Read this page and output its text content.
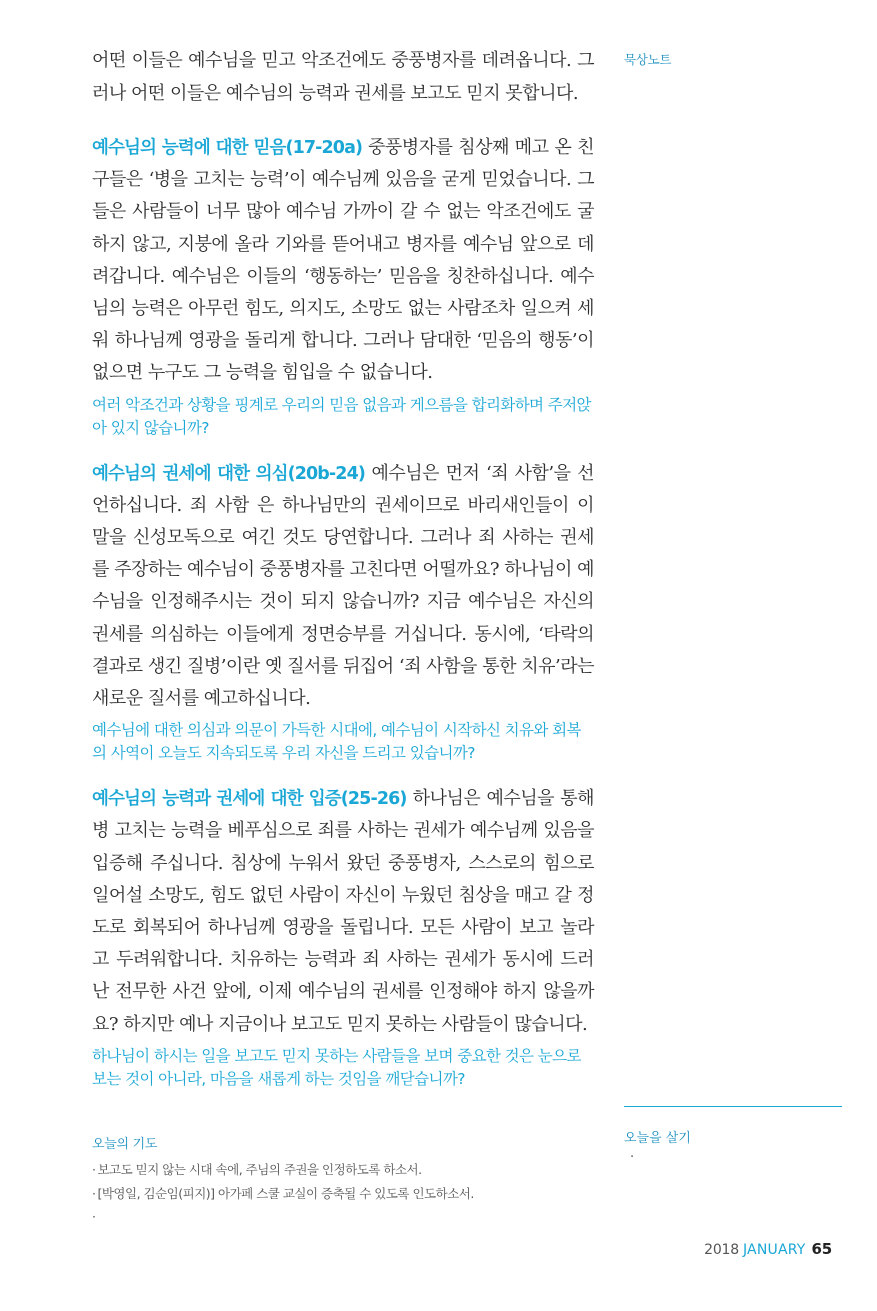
어떤 이들은 예수님을 믿고 악조건에도 중풍병자를 데려옵니다. 그러나 어떤 이들은 예수님의 능력과 권세를 보고도 믿지 못합니다.

예수님의 능력에 대한 믿음(17-20a) 중풍병자를 침상째 메고 온 친구들은 ‘병을 고치는 능력’이 예수님께 있음을 굳게 믿었습니다. 그들은 사람들이 너무 많아 예수님 가까이 갈 수 없는 악조건에도 굴하지 않고, 지붕에 올라 기와를 뜯어내고 병자를 예수님 앞으로 데려갑니다. 예수님은 이들의 ‘행동하는’ 믿음을 칭찬하십니다. 예수님의 능력은 아무런 힘도, 의지도, 소망도 없는 사람조차 일으켜 세워 하나님께 영광을 돌리게 합니다. 그러나 담대한 ‘믿음의 행동’이 없으면 누구도 그 능력을 힘입을 수 없습니다.

여러 악조건과 상황을 핑계로 우리의 믿음 없음과 게으름을 합리화하며 주저앉아 있지 않습니까?

예수님의 권세에 대한 의심(20b-24) 예수님은 먼저 ‘죄 사함’을 선언하십니다. 죄 사함 은 하나님만의 권세이므로 바리새인들이 이 말을 신성모독으로 여긴 것도 당연합니다. 그러나 죄 사하는 권세를 주장하는 예수님이 중풍병자를 고친다면 어떨까요? 하나님이 예수님을 인정해주시는 것이 되지 않습니까? 지금 예수님은 자신의 권세를 의심하는 이들에게 정면승부를 거십니다. 동시에, ‘타락의 결과로 생긴 질병’이란 옛 질서를 뒤집어 ‘죄 사함을 통한 치유’라는 새로운 질서를 예고하십니다.

예수님에 대한 의심과 의문이 가득한 시대에, 예수님이 시작하신 치유와 회복의 사역이 오늘도 지속되도록 우리 자신을 드리고 있습니까?

예수님의 능력과 권세에 대한 입증(25-26) 하나님은 예수님을 통해 병 고치는 능력을 베푸심으로 죄를 사하는 권세가 예수님께 있음을 입증해 주십니다. 침상에 누워서 왔던 중풍병자, 스스로의 힘으로 일어설 소망도, 힘도 없던 사람이 자신이 누웠던 침상을 매고 갈 정도로 회복되어 하나님께 영광을 돌립니다. 모든 사람이 보고 놀라고 두려워합니다. 치유하는 능력과 죄 사하는 권세가 동시에 드러난 전무한 사건 앞에, 이제 예수님의 권세를 인정해야 하지 않을까요? 하지만 예나 지금이나 보고도 믿지 못하는 사람들이 많습니다.

하나님이 하시는 일을 보고도 믿지 못하는 사람들을 보며 중요한 것은 눈으로 보는 것이 아니라, 마음을 새롭게 하는 것임을 깨닫습니까?

묵상노트
오늘을 살기
·
오늘의 기도
· 보고도 믿지 않는 시대 속에, 주님의 주권을 인정하도록 하소서.
· [박영일, 김순임(피지)] 아가페 스쿨 교실이 증축될 수 있도록 인도하소서.
·
2018 JANUARY 65
